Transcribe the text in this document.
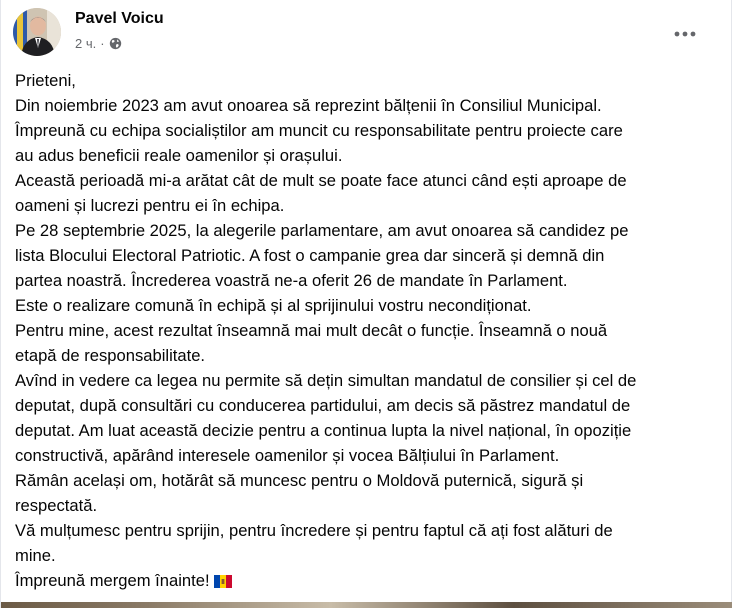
Pavel Voicu
2 ч. ·

Prieteni,

Din noiembrie 2023 am avut onoarea să reprezint bălțenii în Consiliul Municipal.

Împreună cu echipa socialiștilor am muncit cu responsabilitate pentru proiecte care

au adus beneficii reale oamenilor și orașului.

Această perioadă mi-a arătat cât de mult se poate face atunci când ești aproape de

oameni și lucrezi pentru ei în echipa.

Pe 28 septembrie 2025, la alegerile parlamentare, am avut onoarea să candidez pe

lista Blocului Electoral Patriotic. A fost o campanie grea dar sinceră și demnă din

partea noastră. Încrederea voastră ne-a oferit 26 de mandate în Parlament.

Este o realizare comună în echipă și al sprijinului vostru necondiționat.

Pentru mine, acest rezultat înseamnă mai mult decât o funcție. Înseamnă o nouă

etapă de responsabilitate.

Avînd in vedere ca legea nu permite să dețin simultan mandatul de consilier și cel de

deputat, după consultări cu conducerea partidului, am decis să păstrez mandatul de

deputat. Am luat această decizie pentru a continua lupta la nivel național, în opoziție

constructivă, apărând interesele oamenilor și vocea Bălțiului în Parlament.

Rămân același om, hotărât să muncesc pentru o Moldovă puternică, sigură și

respectată.

Vă mulțumesc pentru sprijin, pentru încredere și pentru faptul că ați fost alături de

mine.

Împreună mergem înainte!
